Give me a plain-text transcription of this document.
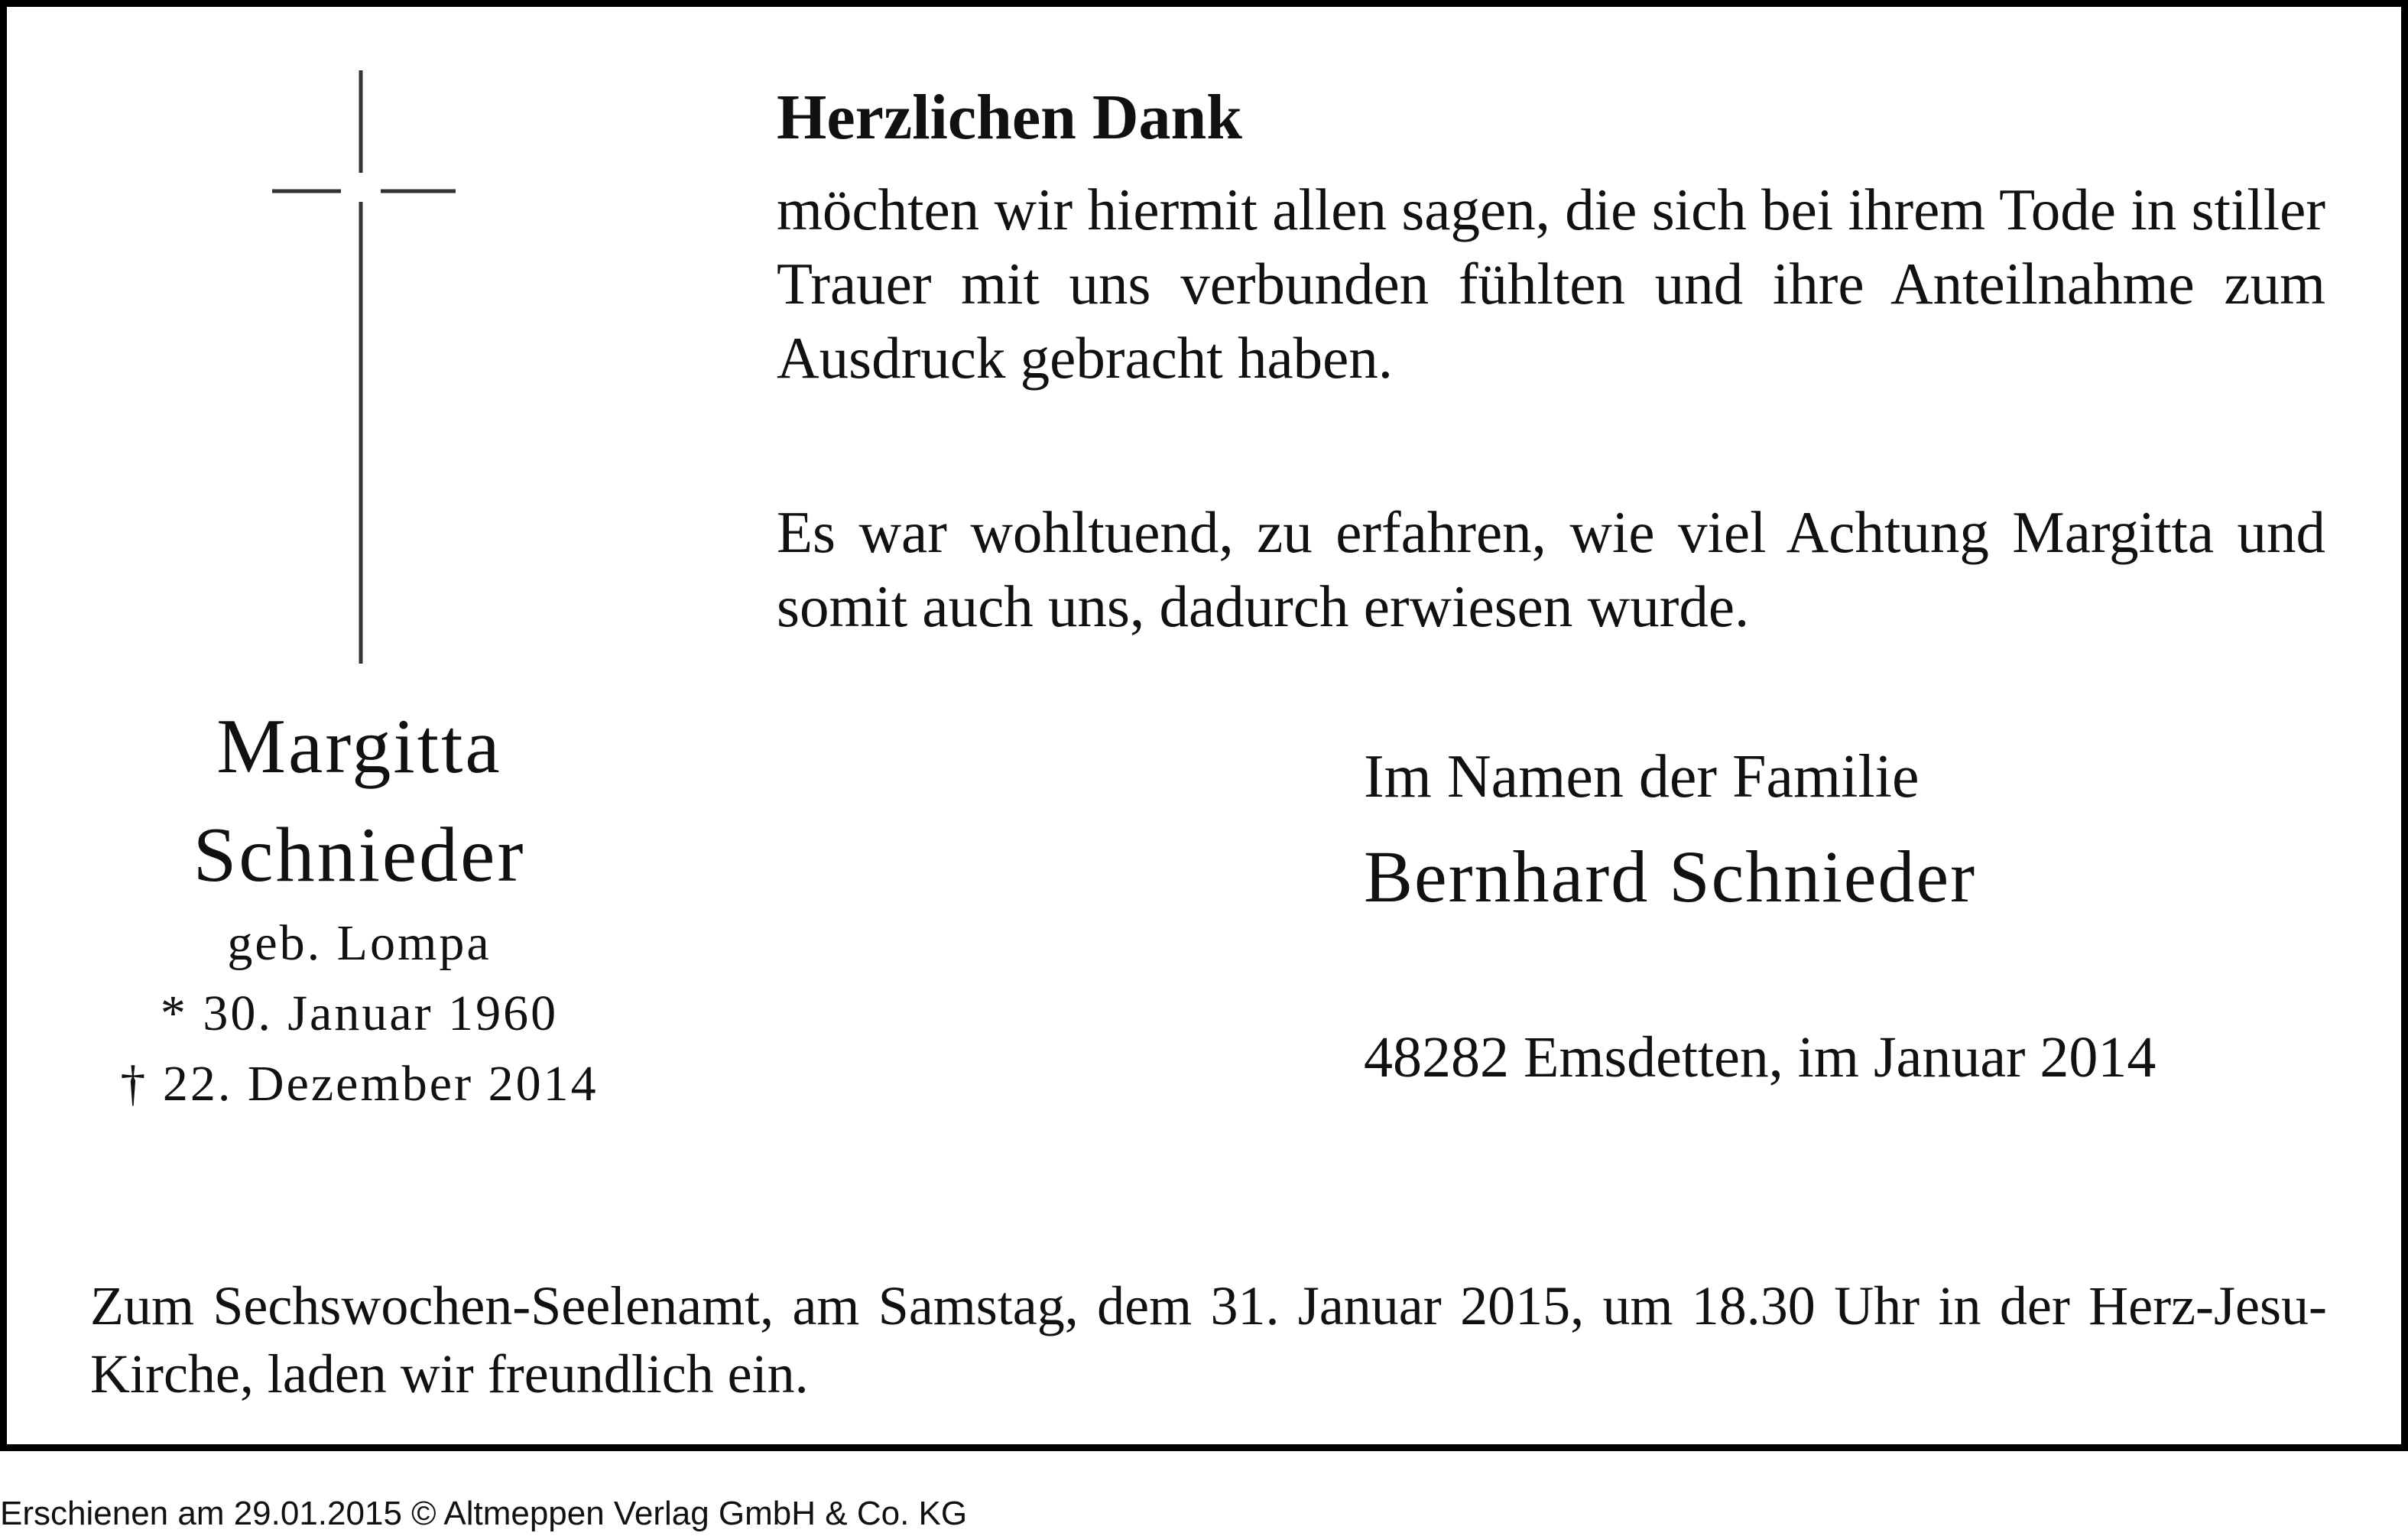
Herzlichen Dank
möchten wir hiermit allen sagen, die sich bei ihrem Tode in stiller Trauer mit uns verbunden fühlten und ihre Anteilnahme zum Ausdruck gebracht haben.
Es war wohltuend, zu erfahren, wie viel Achtung Margitta und somit auch uns, dadurch erwiesen wurde.
Margitta
Schnieder
geb. Lompa
* 30. Januar 1960
† 22. Dezember 2014
Im Namen der Familie
Bernhard Schnieder
48282 Emsdetten, im Januar 2014
Zum Sechswochen-Seelenamt, am Samstag, dem 31. Januar 2015, um 18.30 Uhr in der Herz-Jesu-Kirche, laden wir freundlich ein.
Erschienen am 29.01.2015 © Altmeppen Verlag GmbH & Co. KG
